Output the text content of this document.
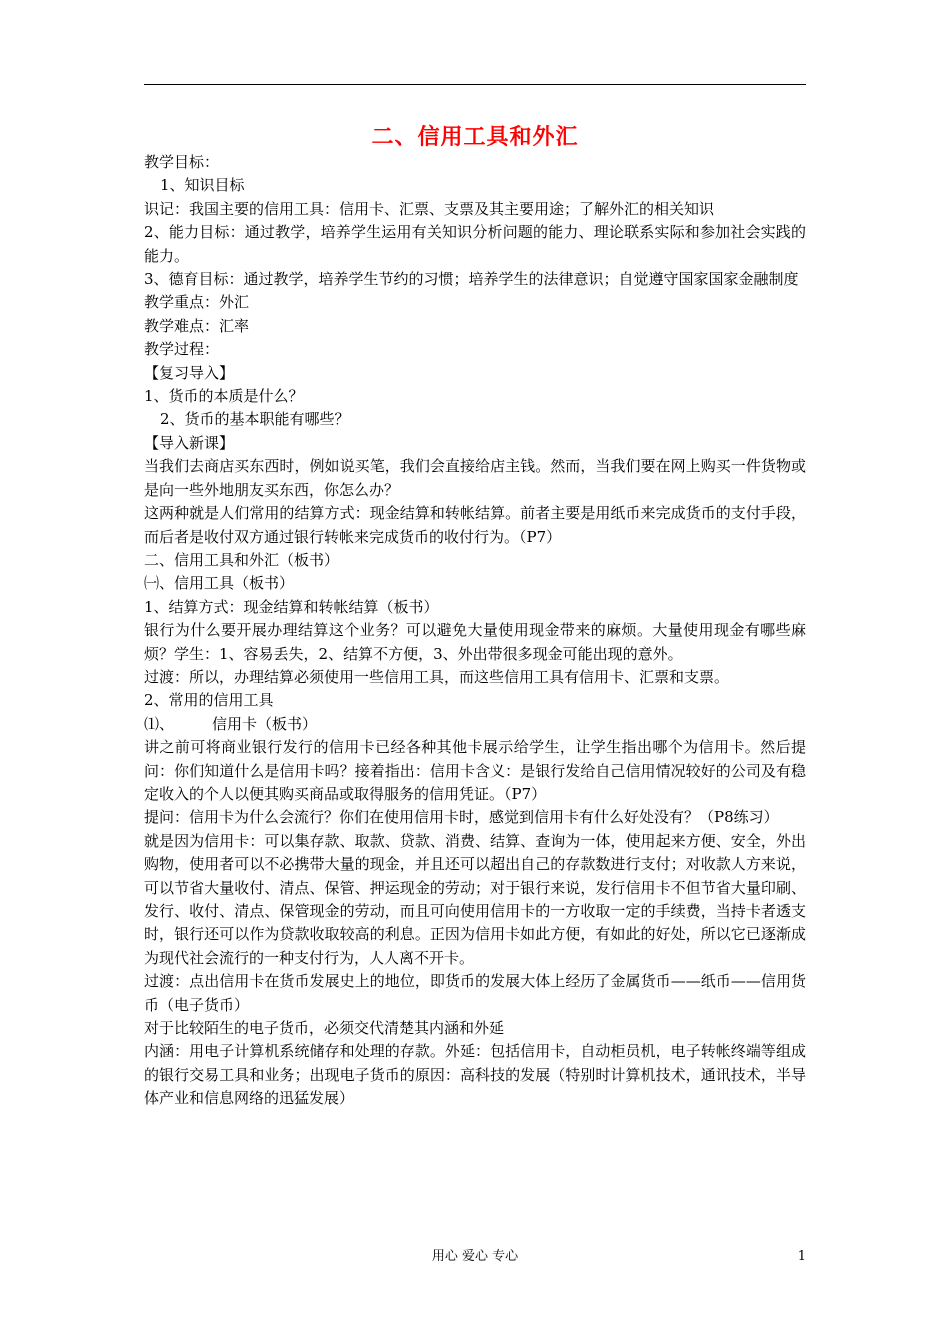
二、信用工具和外汇

教学目标：

1、知识目标

识记：我国主要的信用工具：信用卡、汇票、支票及其主要用途；了解外汇的相关知识

2、能力目标：通过教学，培养学生运用有关知识分析问题的能力、理论联系实际和参加社会实践的能力。

3、德育目标：通过教学，培养学生节约的习惯；培养学生的法律意识；自觉遵守国家国家金融制度

教学重点：外汇

教学难点：汇率

教学过程：

【复习导入】

1、货币的本质是什么？

2、货币的基本职能有哪些？

【导入新课】

当我们去商店买东西时，例如说买笔，我们会直接给店主钱。然而，当我们要在网上购买一件货物或是向一些外地朋友买东西，你怎么办？

这两种就是人们常用的结算方式：现金结算和转帐结算。前者主要是用纸币来完成货币的支付手段，而后者是收付双方通过银行转帐来完成货币的收付行为。（P7）

二、信用工具和外汇（板书）

㈠、信用工具（板书）

1、结算方式：现金结算和转帐结算（板书）

银行为什么要开展办理结算这个业务？可以避免大量使用现金带来的麻烦。大量使用现金有哪些麻烦？学生：1、容易丢失，2、结算不方便，3、外出带很多现金可能出现的意外。

过渡：所以，办理结算必须使用一些信用工具，而这些信用工具有信用卡、汇票和支票。

2、常用的信用工具

⑴、	信用卡（板书）

讲之前可将商业银行发行的信用卡已经各种其他卡展示给学生，让学生指出哪个为信用卡。然后提问：你们知道什么是信用卡吗？接着指出：信用卡含义：是银行发给自己信用情况较好的公司及有稳定收入的个人以便其购买商品或取得服务的信用凭证。（P7）

提问：信用卡为什么会流行？你们在使用信用卡时，感觉到信用卡有什么好处没有？（P8练习）

就是因为信用卡：可以集存款、取款、贷款、消费、结算、查询为一体，使用起来方便、安全，外出购物，使用者可以不必携带大量的现金，并且还可以超出自己的存款数进行支付；对收款人方来说，可以节省大量收付、清点、保管、押运现金的劳动；对于银行来说，发行信用卡不但节省大量印刷、发行、收付、清点、保管现金的劳动，而且可向使用信用卡的一方收取一定的手续费，当持卡者透支时，银行还可以作为贷款收取较高的利息。正因为信用卡如此方便，有如此的好处，所以它已逐渐成为现代社会流行的一种支付行为，人人离不开卡。

过渡：点出信用卡在货币发展史上的地位，即货币的发展大体上经历了金属货币——纸币——信用货币（电子货币）

对于比较陌生的电子货币，必须交代清楚其内涵和外延

内涵：用电子计算机系统储存和处理的存款。外延：包括信用卡，自动柜员机，电子转帐终端等组成的银行交易工具和业务；出现电子货币的原因：高科技的发展（特别时计算机技术，通讯技术，半导体产业和信息网络的迅猛发展）

用心 爱心 专心	1
